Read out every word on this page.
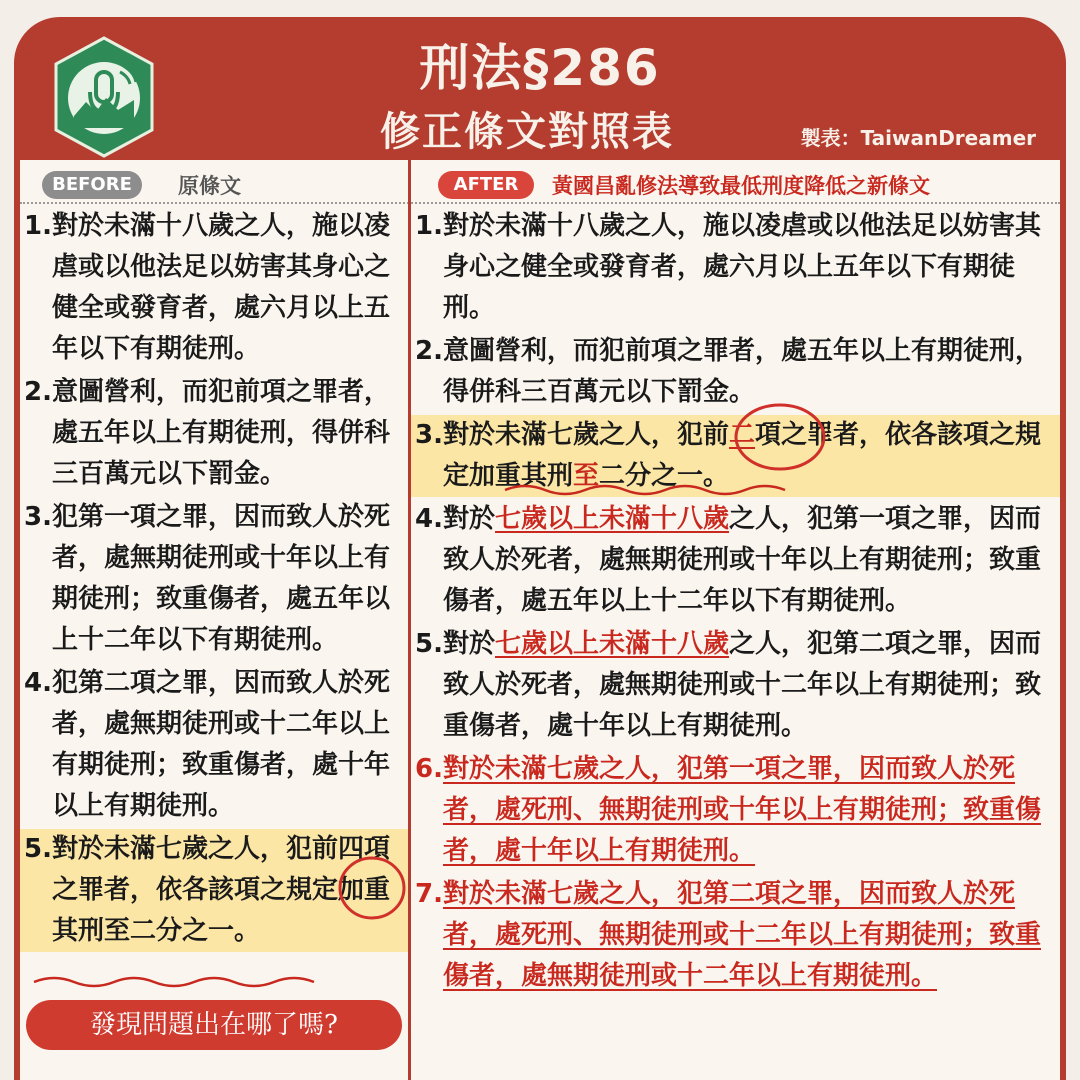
刑法§286
修正條文對照表	製表：TaiwanDreamer
BEFORE	原條文	AFTER	黃國昌亂修法導致最低刑度降低之新條文
1. 對於未滿十八歲之人，施以凌虐或以他法足以妨害其身心之健全或發育者，處六月以上五年以下有期徒刑。
2. 意圖營利，而犯前項之罪者，處五年以上有期徒刑，得併科三百萬元以下罰金。
3. 犯第一項之罪，因而致人於死者，處無期徒刑或十年以上有期徒刑；致重傷者，處五年以上十二年以下有期徒刑。
4. 犯第二項之罪，因而致人於死者，處無期徒刑或十二年以上有期徒刑；致重傷者，處十年以上有期徒刑。
5. 對於未滿七歲之人，犯前四項之罪者，依各該項之規定加重其刑至二分之一。
1. 對於未滿十八歲之人，施以凌虐或以他法足以妨害其身心之健全或發育者，處六月以上五年以下有期徒刑。
2. 意圖營利，而犯前項之罪者，處五年以上有期徒刑，得併科三百萬元以下罰金。
3. 對於未滿七歲之人，犯前二項之罪者，依各該項之規定加重其刑至二分之一。
4. 對於七歲以上未滿十八歲之人，犯第一項之罪，因而致人於死者，處無期徒刑或十年以上有期徒刑；致重傷者，處五年以上十二年以下有期徒刑。
5. 對於七歲以上未滿十八歲之人，犯第二項之罪，因而致人於死者，處無期徒刑或十二年以上有期徒刑；致重傷者，處十年以上有期徒刑。
6. 對於未滿七歲之人，犯第一項之罪，因而致人於死者，處死刑、無期徒刑或十年以上有期徒刑；致重傷者，處十年以上有期徒刑。
7. 對於未滿七歲之人，犯第二項之罪，因而致人於死者，處死刑、無期徒刑或十二年以上有期徒刑；致重傷者，處無期徒刑或十二年以上有期徒刑。
發現問題出在哪了嗎?
